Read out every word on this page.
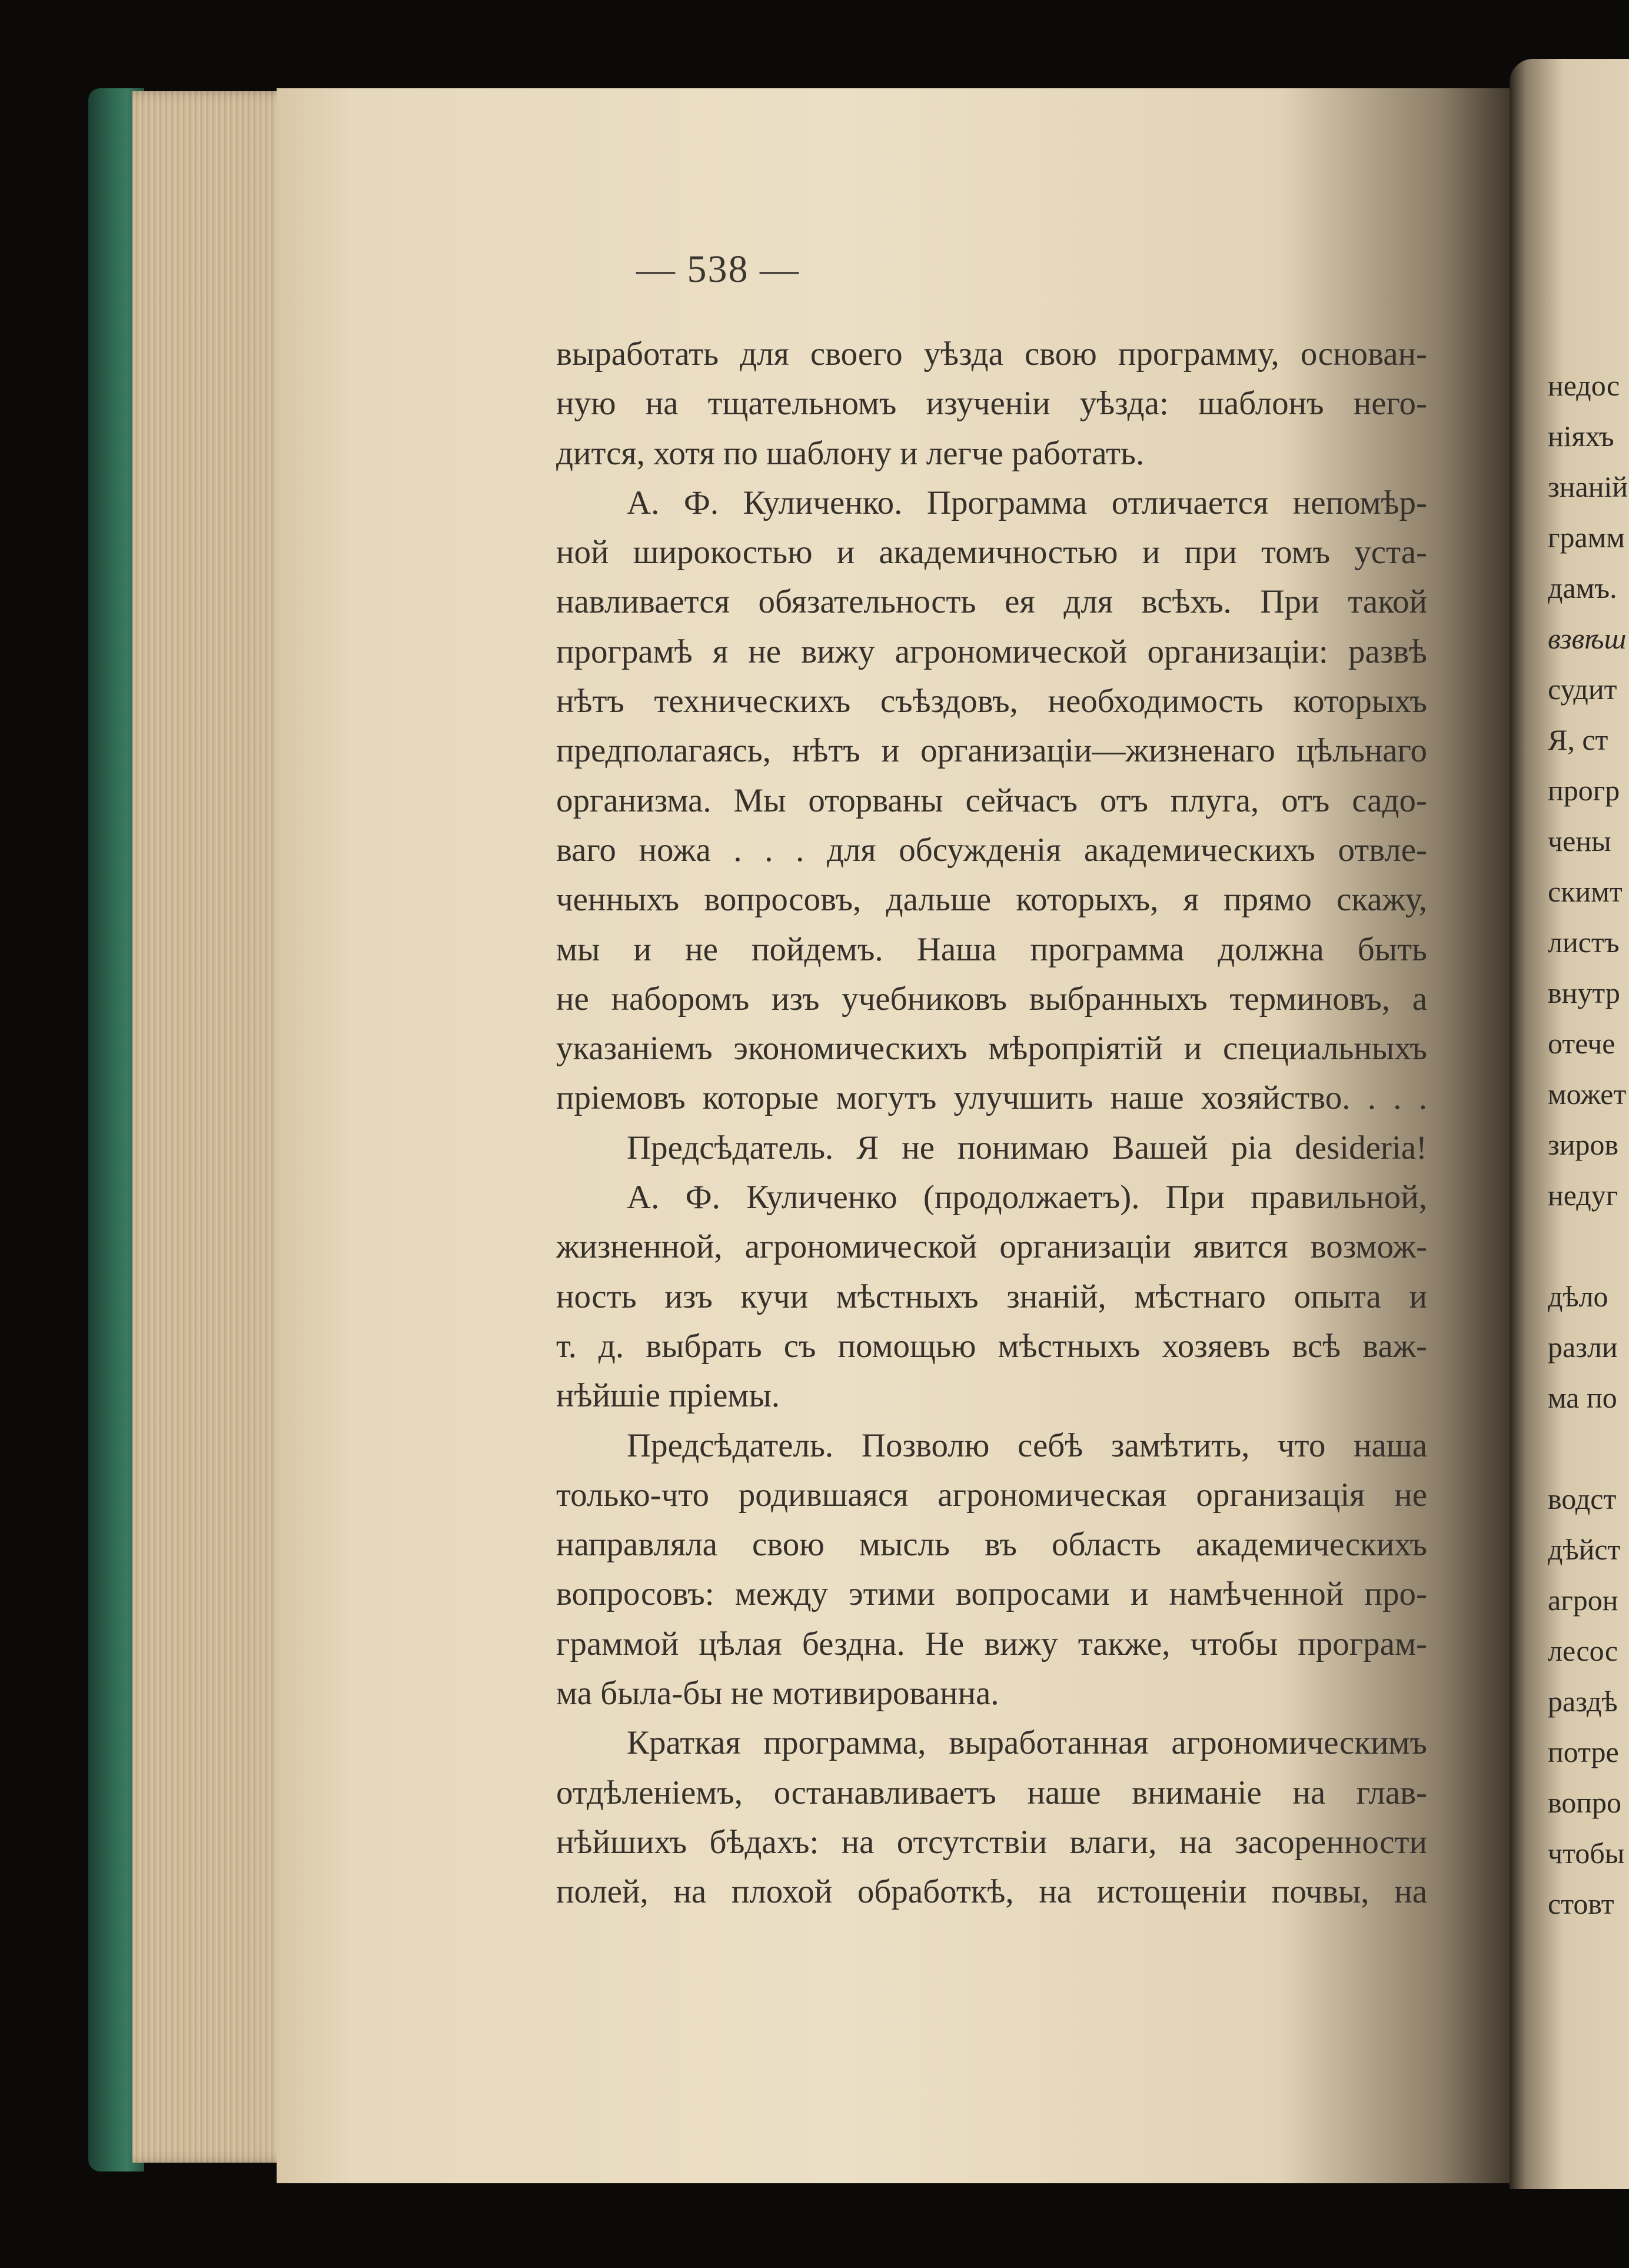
— 538 —
выработать для своего уѣзда свою программу, основан-
ную на тщательномъ изученіи уѣзда: шаблонъ него-
дится, хотя по шаблону и легче работать.
А. Ф. Куличенко. Программа отличается непомѣр-
ной широкостью и академичностью и при томъ уста-
навливается обязательность ея для всѣхъ. При такой
програмѣ я не вижу агрономической организаціи: развѣ
нѣтъ техническихъ съѣздовъ, необходимость которыхъ
предполагаясь, нѣтъ и организаціи—жизненаго цѣльнаго
организма. Мы оторваны сейчасъ отъ плуга, отъ садо-
ваго ножа . . . для обсужденія академическихъ отвле-
ченныхъ вопросовъ, дальше которыхъ, я прямо скажу,
мы и не пойдемъ. Наша программа должна быть
не наборомъ изъ учебниковъ выбранныхъ терминовъ, а
указаніемъ экономическихъ мѣропріятій и специальныхъ
пріемовъ которые могутъ улучшить наше хозяйство. . . .
Предсѣдатель. Я не понимаю Вашей pia desideria!
А. Ф. Куличенко (продолжаетъ). При правильной,
жизненной, агрономической организаціи явится возмож-
ность изъ кучи мѣстныхъ знаній, мѣстнаго опыта и
т. д. выбрать съ помощью мѣстныхъ хозяевъ всѣ важ-
нѣйшіе пріемы.
Предсѣдатель. Позволю себѣ замѣтить, что наша
только-что родившаяся агрономическая организація не
направляла свою мысль въ область академическихъ
вопросовъ: между этими вопросами и намѣченной про-
граммой цѣлая бездна. Не вижу также, чтобы програм-
ма была-бы не мотивированна.
Краткая программа, выработанная агрономическимъ
отдѣленіемъ, останавливаетъ наше вниманіе на глав-
нѣйшихъ бѣдахъ: на отсутствіи влаги, на засоренности
полей, на плохой обработкѣ, на истощеніи почвы, на
недос
ніяхъ
знаній
грамм
дамъ.
взвѣш
судит
Я, ст
прогр
чены
скимт
листъ
внутр
отече
может
зиров
недуг
дѣло
разли
ма по
водст
дѣйст
агрон
лесос
раздѣ
потре
вопро
чтобы
стовт
